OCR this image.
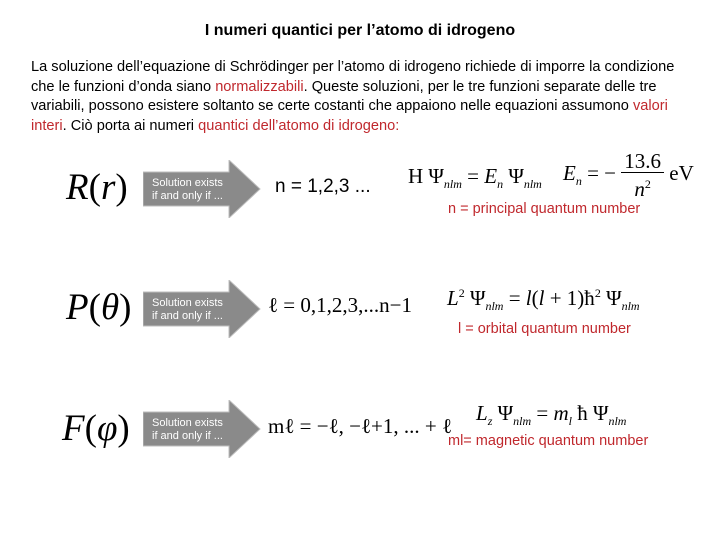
I numeri quantici per l’atomo di idrogeno
La soluzione dell’equazione di Schrödinger per l’atomo di idrogeno richiede di imporre la condizione che le funzioni d’onda siano normalizzabili. Queste soluzioni, per le tre funzioni separate delle tre variabili, possono esistere soltanto se certe costanti che appaiono nelle equazioni assumono valori interi. Ciò porta ai numeri quantici dell’atomo di idrogeno:
R(r) Solution exists
if and only if ...	n = 1,2,3 ... H $\Psi_{nlm} = E_n$ $\Psi_{nlm}$ $E_n$ = − $\frac{13.6}{n^2}$ eV
n = principal quantum number
P(θ) Solution exists
if and only if ... ℓ = 0,1,2,3,...n−1 $L^2$ $\Psi_{nlm} = l(l$ + $1)ħ^2$ $\Psi_{nlm}$
l = orbital quantum number
F(φ) Solution exists
if and only if ... mℓ = −ℓ, −ℓ+1, ... + ℓ
$L_z$ $\Psi_{nlm} = m_l$ ħ $\Psi_{nlm}$
ml= magnetic quantum number
